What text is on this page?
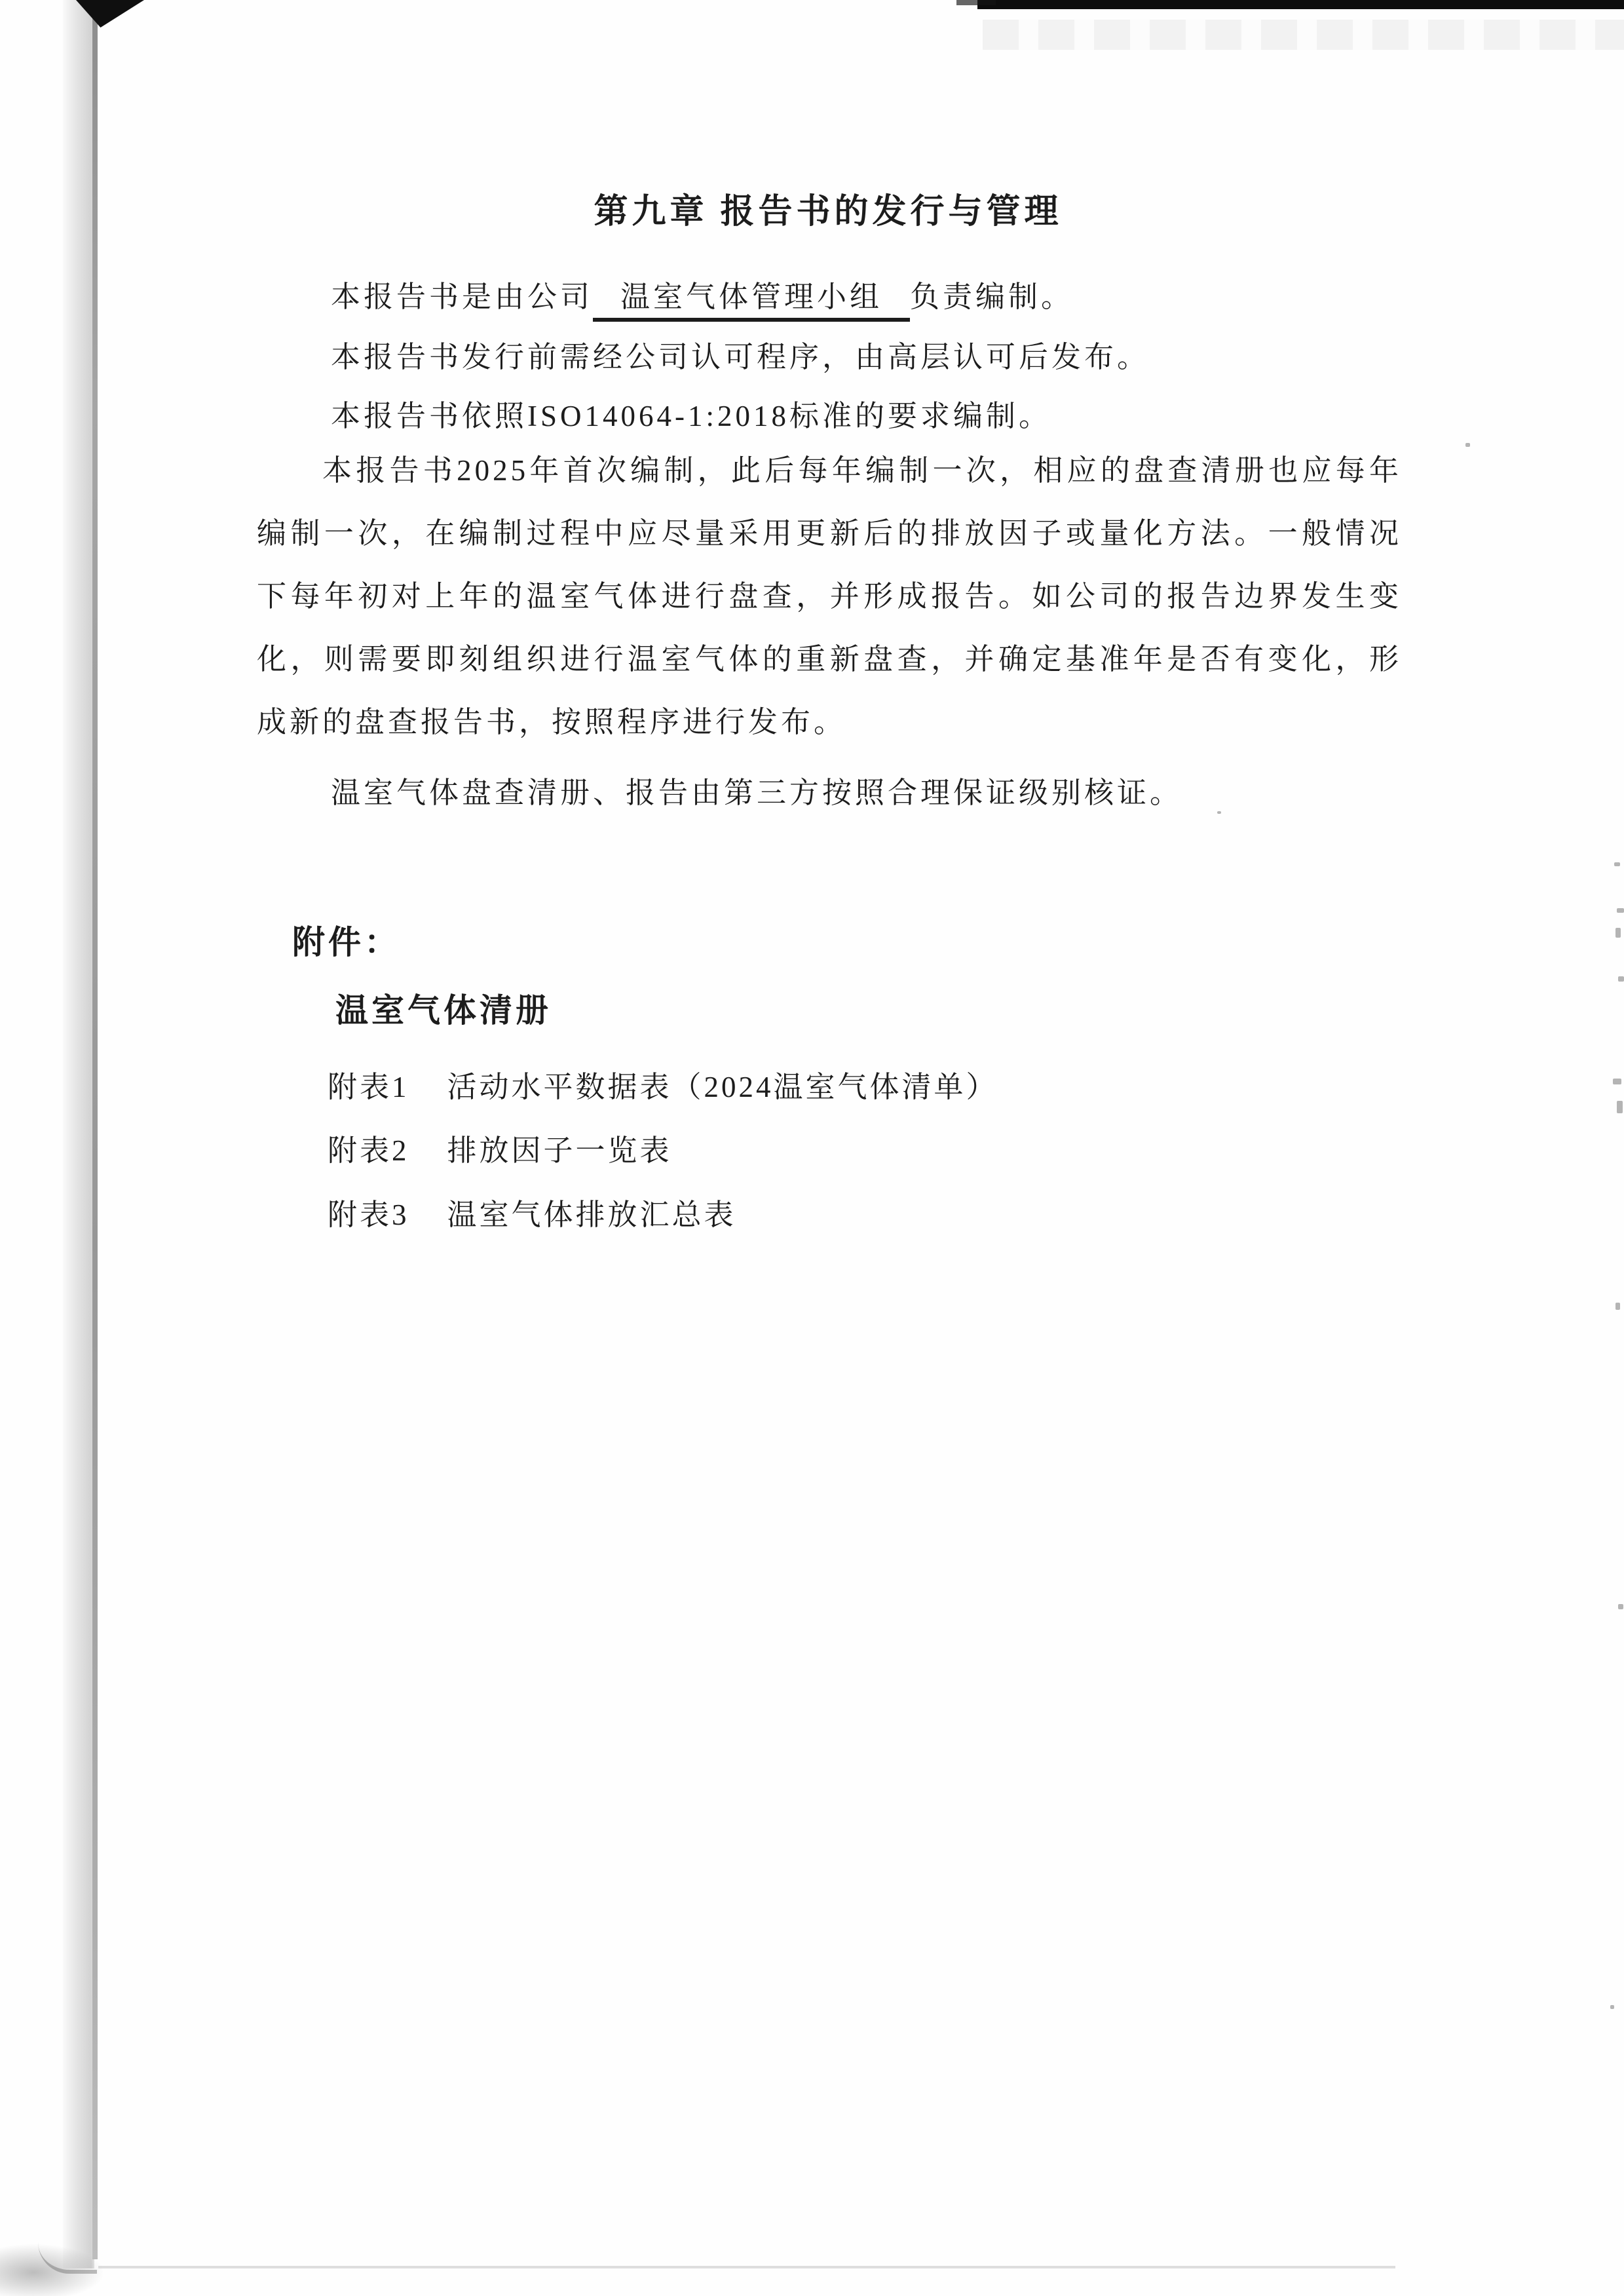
第九章 报告书的发行与管理
本报告书是由公司 温室气体管理小组 负责编制。
本报告书发行前需经公司认可程序，由高层认可后发布。
本报告书依照ISO14064-1:2018标准的要求编制。
本报告书2025年首次编制，此后每年编制一次，相应的盘查清册也应每年编制一次，在编制过程中应尽量采用更新后的排放因子或量化方法。一般情况下每年初对上年的温室气体进行盘查，并形成报告。如公司的报告边界发生变化，则需要即刻组织进行温室气体的重新盘查，并确定基准年是否有变化，形成新的盘查报告书，按照程序进行发布。
温室气体盘查清册、报告由第三方按照合理保证级别核证。
附件：
温室气体清册
附表1 活动水平数据表（2024温室气体清单）
附表2 排放因子一览表
附表3 温室气体排放汇总表
